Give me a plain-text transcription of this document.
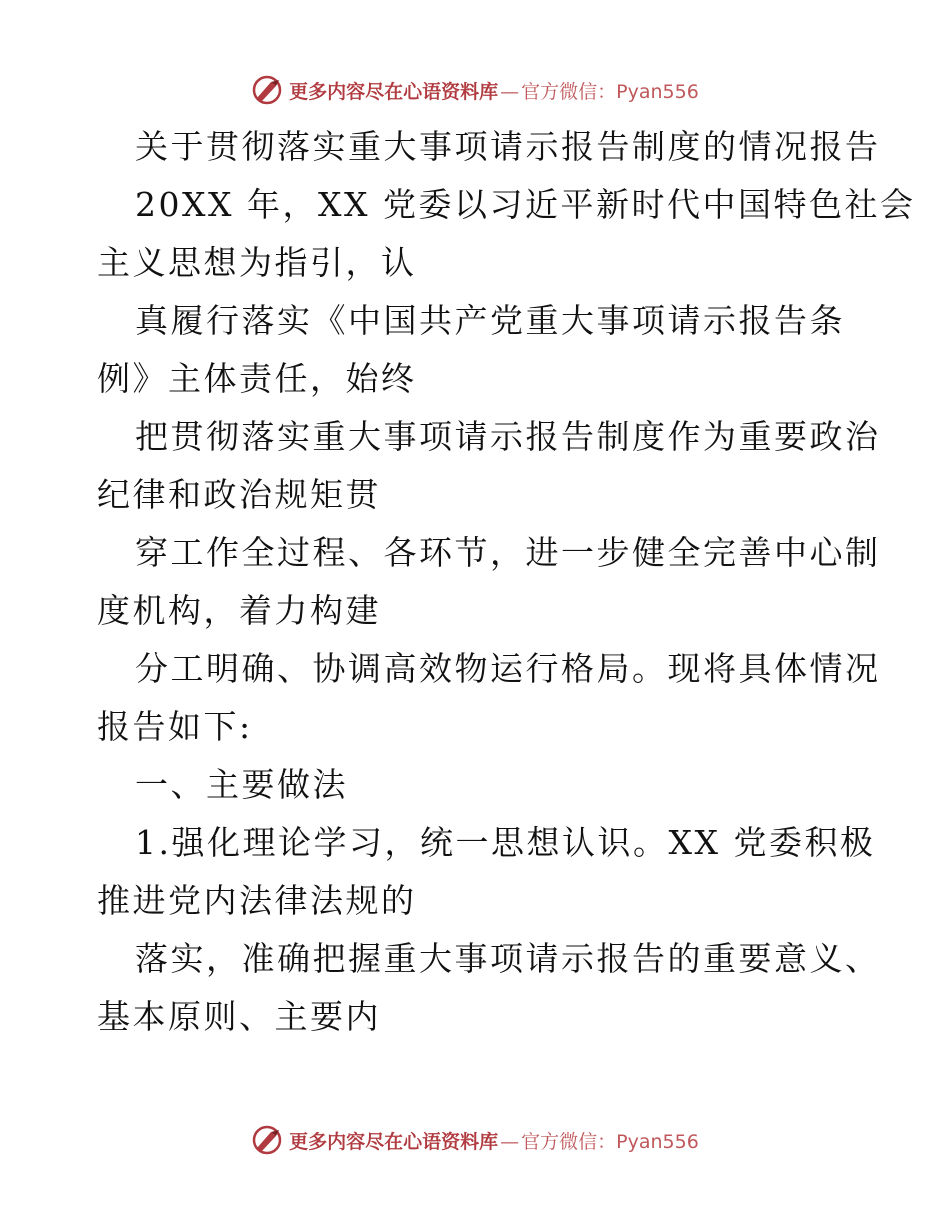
更多内容尽在心语资料库 — 官方微信：Pyan556
关于贯彻落实重大事项请示报告制度的情况报告
20XX 年，XX 党委以习近平新时代中国特色社会
主义思想为指引，认
真履行落实《中国共产党重大事项请示报告条
例》主体责任，始终
把贯彻落实重大事项请示报告制度作为重要政治
纪律和政治规矩贯
穿工作全过程、各环节，进一步健全完善中心制
度机构，着力构建
分工明确、协调高效物运行格局。现将具体情况
报告如下:
一、主要做法
1.强化理论学习，统一思想认识。XX 党委积极
推进党内法律法规的
落实，准确把握重大事项请示报告的重要意义、
基本原则、主要内
更多内容尽在心语资料库 — 官方微信：Pyan556
